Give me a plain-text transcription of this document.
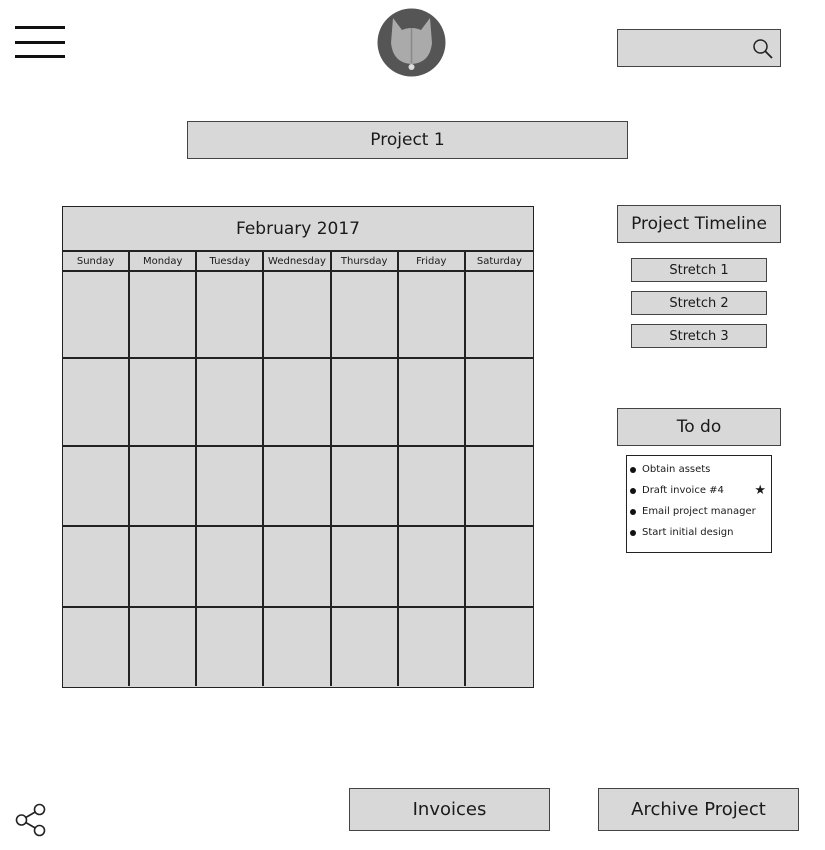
Project 1
February 2017
Sunday	Monday	Tuesday	Wednesday	Thursday	Friday	Saturday
Project Timeline
Stretch 1
Stretch 2
Stretch 3
To do
Obtain assets
Draft invoice #4 ★
Email project manager
Start initial design
Invoices	Archive Project
